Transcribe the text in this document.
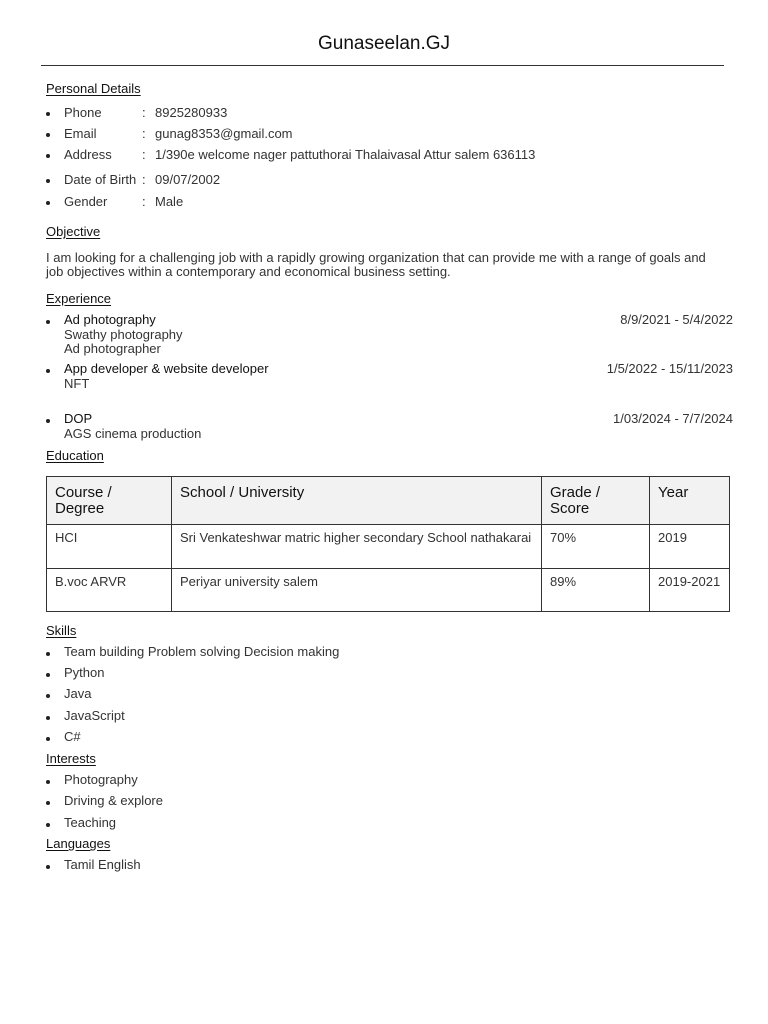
Gunaseelan.GJ
Personal Details
Phone	: 8925280933
Email	: gunag8353@gmail.com
Address : 1/390e welcome nager pattuthorai Thalaivasal Attur salem 636113
Date of Birth : 09/07/2002
Gender	: Male
Objective
I am looking for a challenging job with a rapidly growing organization that can provide me with a range of goals and job objectives within a contemporary and economical business setting.
Experience
Ad photography	8/9/2021 - 5/4/2022
Swathy photography
Ad photographer
App developer & website developer	1/5/2022 - 15/11/2023
NFT
DOP	1/03/2024 - 7/7/2024
AGS cinema production
Education
Course / Degree	School / University	Grade / Score	Year
HCI	Sri Venkateshwar matric higher secondary School nathakarai	70%	2019
B.voc ARVR	Periyar university salem	89%	2019-2021
Skills
Team building Problem solving Decision making
Python
Java
JavaScript
C#
Interests
Photography
Driving & explore
Teaching
Languages
Tamil English
